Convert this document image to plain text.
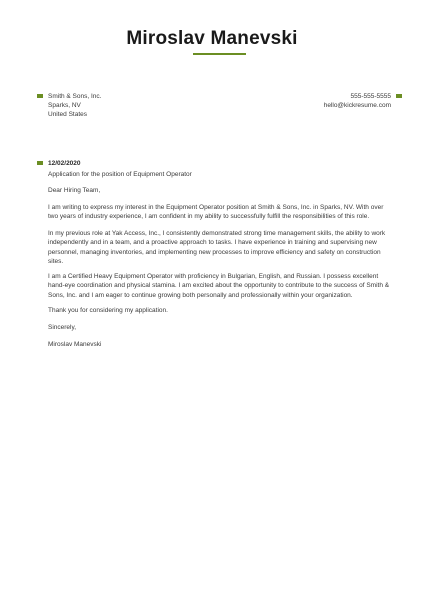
Miroslav Manevski
Smith & Sons, Inc.
Sparks, NV
United States
555-555-5555
hello@kickresume.com
12/02/2020
Application for the position of Equipment Operator
Dear Hiring Team,
I am writing to express my interest in the Equipment Operator position at Smith & Sons, Inc. in Sparks, NV. With over two years of industry experience, I am confident in my ability to successfully fulfill the responsibilities of this role.
In my previous role at Yak Access, Inc., I consistently demonstrated strong time management skills, the ability to work independently and in a team, and a proactive approach to tasks. I have experience in training and supervising new personnel, managing inventories, and implementing new processes to improve efficiency and safety on construction sites.
I am a Certified Heavy Equipment Operator with proficiency in Bulgarian, English, and Russian. I possess excellent hand-eye coordination and physical stamina. I am excited about the opportunity to contribute to the success of Smith & Sons, Inc. and I am eager to continue growing both personally and professionally within your organization.
Thank you for considering my application.
Sincerely,
Miroslav Manevski
